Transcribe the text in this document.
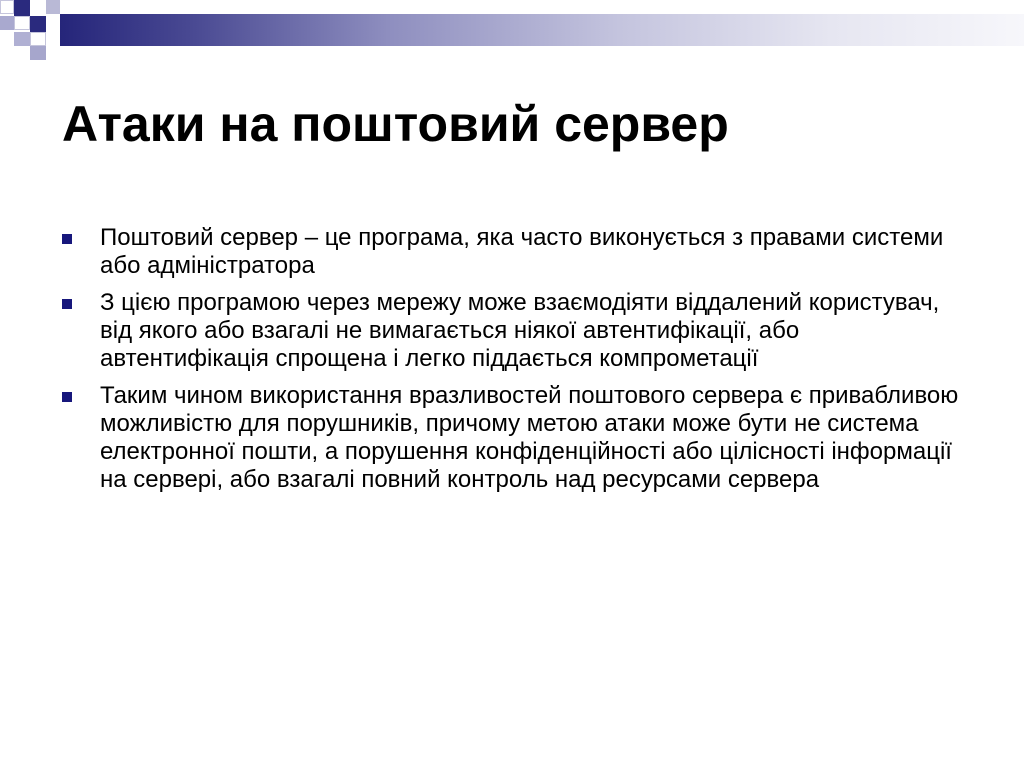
Атаки на поштовий сервер
Поштовий сервер – це програма, яка часто виконується з правами системи або адміністратора
З цією програмою через мережу може взаємодіяти віддалений користувач, від якого або взагалі не вимагається ніякої автентифікації, або автентифікація спрощена і легко піддається компрометації
Таким чином використання вразливостей поштового сервера є привабливою можливістю для порушників, причому метою атаки може бути не система електронної пошти, а порушення конфіденційності або цілісності інформації на сервері, або взагалі повний контроль над ресурсами сервера
